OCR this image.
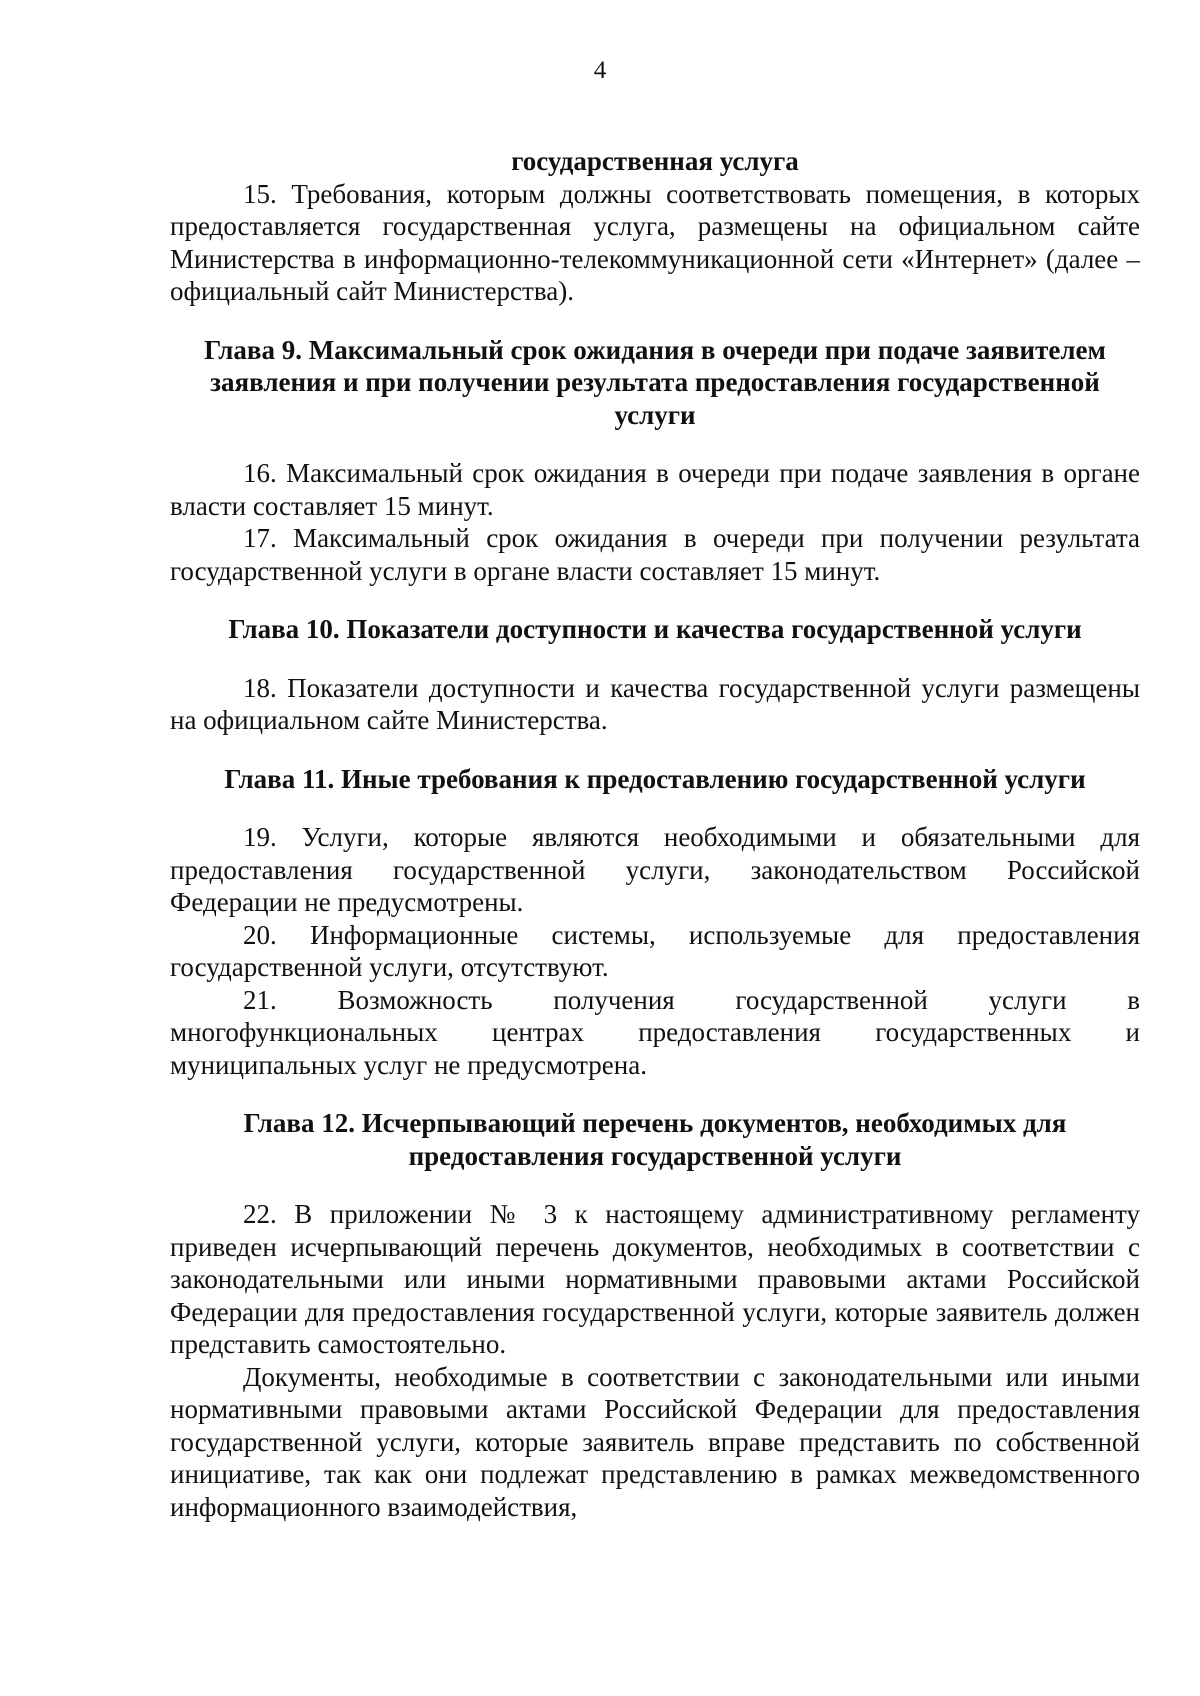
4
государственная услуга

15. Требования, которым должны соответствовать помещения, в которых предоставляется государственная услуга, размещены на официальном сайте Министерства в информационно-телекоммуникационной сети «Интернет» (далее – официальный сайт Министерства).

Глава 9. Максимальный срок ожидания в очереди при подаче заявителем заявления и при получении результата предоставления государственной услуги

16. Максимальный срок ожидания в очереди при подаче заявления в органе власти составляет 15 минут.

17. Максимальный срок ожидания в очереди при получении результата государственной услуги в органе власти составляет 15 минут.

Глава 10. Показатели доступности и качества государственной услуги

18. Показатели доступности и качества государственной услуги размещены на официальном сайте Министерства.

Глава 11. Иные требования к предоставлению государственной услуги

19. Услуги, которые являются необходимыми и обязательными для предоставления государственной услуги, законодательством Российской Федерации не предусмотрены.

20. Информационные системы, используемые для предоставления государственной услуги, отсутствуют.

21. Возможность получения государственной услуги в многофункциональных центрах предоставления государственных и муниципальных услуг не предусмотрена.

Глава 12. Исчерпывающий перечень документов, необходимых для предоставления государственной услуги

22. В приложении № 3 к настоящему административному регламенту приведен исчерпывающий перечень документов, необходимых в соответствии с законодательными или иными нормативными правовыми актами Российской Федерации для предоставления государственной услуги, которые заявитель должен представить самостоятельно.

Документы, необходимые в соответствии с законодательными или иными нормативными правовыми актами Российской Федерации для предоставления государственной услуги, которые заявитель вправе представить по собственной инициативе, так как они подлежат представлению в рамках межведомственного информационного взаимодействия,
